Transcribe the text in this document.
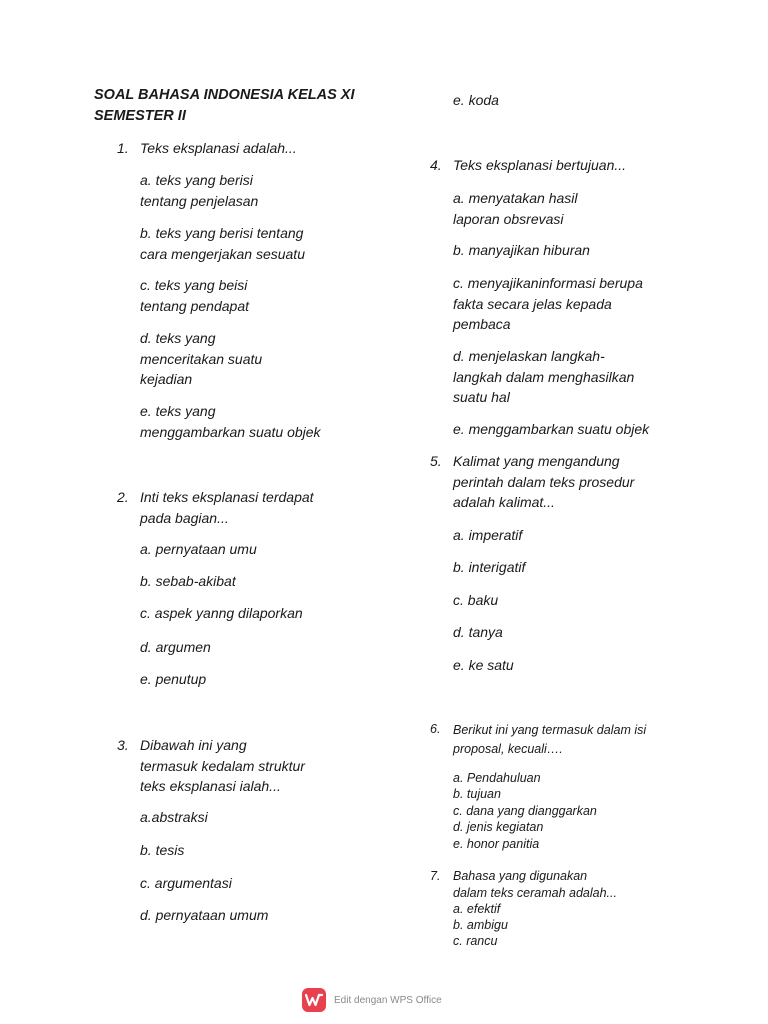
SOAL BAHASA INDONESIA KELAS XI SEMESTER II
1. Teks eksplanasi adalah...
a. teks yang berisi
tentang penjelasan
b. teks yang berisi tentang
cara mengerjakan sesuatu
c. teks yang beisi
tentang pendapat
d. teks yang
menceritakan suatu
kejadian
e. teks yang
menggambarkan suatu objek
2. Inti teks eksplanasi terdapat
pada bagian...
a. pernyataan umu
b. sebab-akibat
c. aspek yanng dilaporkan
d. argumen
e. penutup
3. Dibawah ini yang
termasuk kedalam struktur
teks eksplanasi ialah...
a.abstraksi
b. tesis
c. argumentasi
d. pernyataan umum
e. koda
4. Teks eksplanasi bertujuan...
a. menyatakan hasil
laporan obsrevasi
b. manyajikan hiburan
c. menyajikaninformasi berupa
fakta secara jelas kepada
pembaca
d. menjelaskan langkah-
langkah dalam menghasilkan
suatu hal
e. menggambarkan suatu objek
5. Kalimat yang mengandung
perintah dalam teks prosedur
adalah kalimat...
a. imperatif
b. interigatif
c. baku
d. tanya
e. ke satu
6. Berikut ini yang termasuk dalam isi
proposal, kecuali….
a. Pendahuluan
b. tujuan
c. dana yang dianggarkan
d. jenis kegiatan
e. honor panitia
7. Bahasa yang digunakan
dalam teks ceramah adalah...
a. efektif
b. ambigu
c. rancu
Edit dengan WPS Office
